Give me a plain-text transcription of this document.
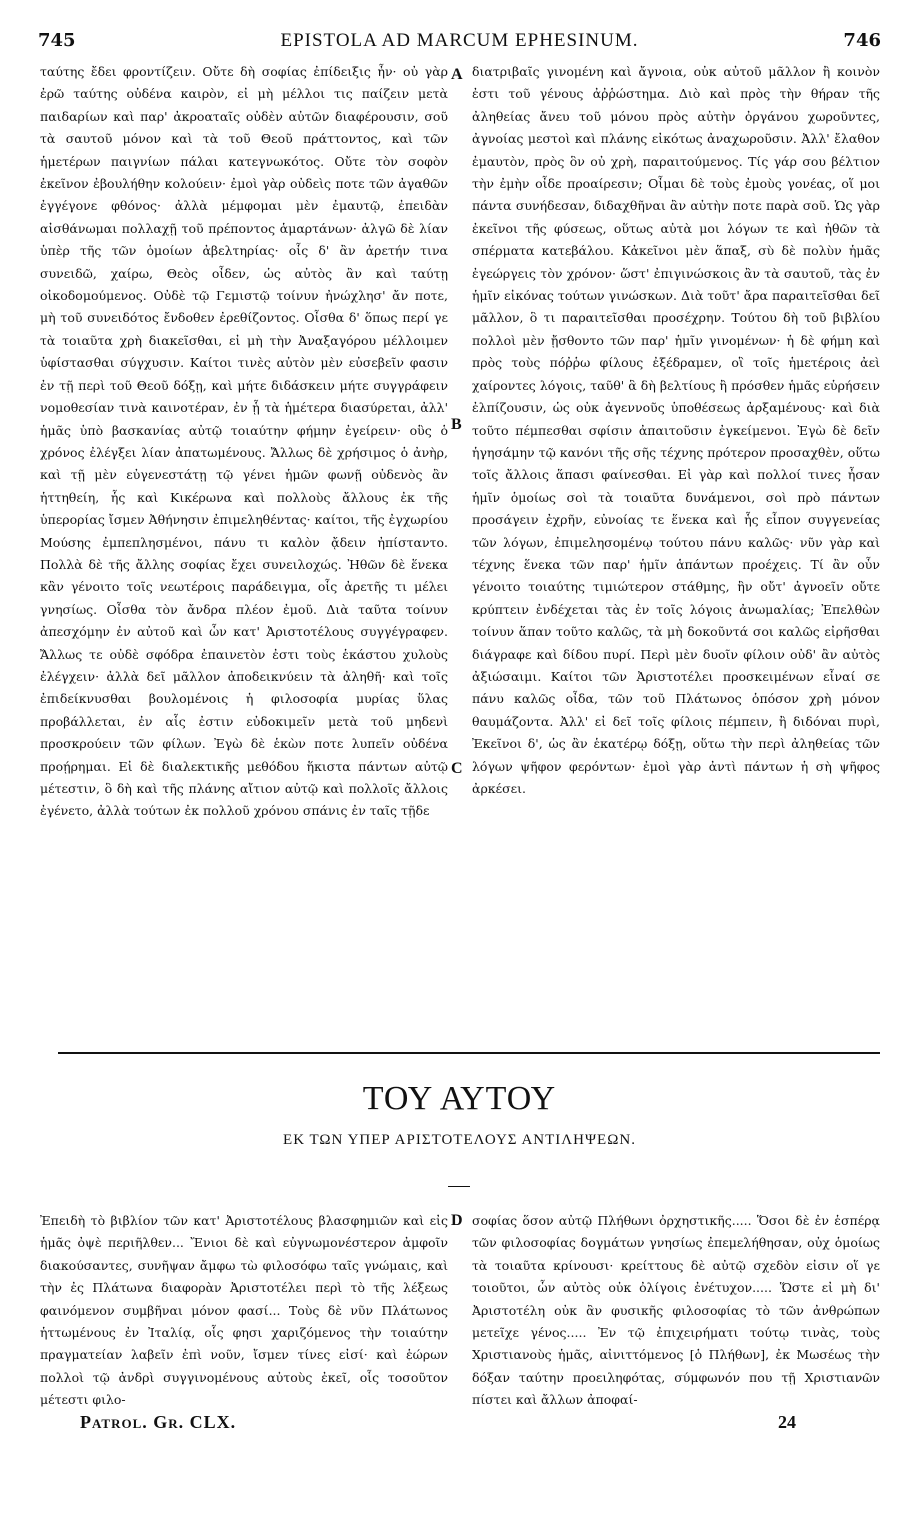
745	EPISTOLA AD MARCUM EPHESINUM.	746

ταύτης ἔδει φροντίζειν. Οὔτε δὴ σοφίας ἐπίδειξις ἦν· οὐ γὰρ ἐρῶ ταύτης οὐδένα καιρὸν, εἰ μὴ μέλλοι τις παίζειν μετὰ παιδαρίων καὶ παρ' ἀκροαταῖς οὐδὲν αὐτῶν διαφέρουσιν, σοῦ τὰ σαυτοῦ μόνον καὶ τὰ τοῦ Θεοῦ πράττοντος, καὶ τῶν ἡμετέρων παιγνίων πάλαι κατεγνωκότος. Οὔτε τὸν σοφὸν ἐκεῖνον ἐβουλήθην κολούειν· ἐμοὶ γὰρ οὐδεὶς ποτε τῶν ἀγαθῶν ἐγγέγονε φθόνος· ἀλλὰ μέμφομαι μὲν ἐμαυτῷ, ἐπειδὰν αἰσθάνωμαι πολλαχῇ τοῦ πρέποντος ἁμαρτάνων· ἀλγῶ δὲ λίαν ὑπὲρ τῆς τῶν ὁμοίων ἀβελτηρίας· οἷς δ' ἂν ἀρετήν τινα συνειδῶ, χαίρω, Θεὸς οἶδεν, ὡς αὐτὸς ἂν καὶ ταύτῃ οἰκοδομούμενος. Οὐδὲ τῷ Γεμιστῷ τοίνυν ἠνώχλησ' ἄν ποτε, μὴ τοῦ συνειδότος ἔνδοθεν ἐρεθίζοντος. Οἶσθα δ' ὅπως περί γε τὰ τοιαῦτα χρὴ διακεῖσθαι, εἰ μὴ τὴν Ἀναξαγόρου μέλλοιμεν ὑφίστασθαι σύγχυσιν. Καίτοι τινὲς αὐτὸν μὲν εὐσεβεῖν φασιν ἐν τῇ περὶ τοῦ Θεοῦ δόξῃ, καὶ μήτε διδάσκειν μήτε συγγράφειν νομοθεσίαν τινὰ καινοτέραν, ἐν ᾗ τὰ ἡμέτερα διασύρεται, ἀλλ' ἡμᾶς ὑπὸ βασκανίας αὐτῷ τοιαύτην φήμην ἐγείρειν· οὓς ὁ χρόνος ἐλέγξει λίαν ἀπατωμένους. Ἄλλως δὲ χρήσιμος ὁ ἀνὴρ, καὶ τῇ μὲν εὐγενεστάτῃ τῷ γένει ἡμῶν φωνῇ οὐδενὸς ἂν ἡττηθείη, ἧς καὶ Κικέρωνα καὶ πολλοὺς ἄλλους ἐκ τῆς ὑπερορίας ἴσμεν Ἀθήνησιν ἐπιμεληθέντας· καίτοι, τῆς ἐγχωρίου Μούσης ἐμπεπλησμένοι, πάνυ τι καλὸν ᾄδειν ἠπίσταντο. Πολλὰ δὲ τῆς ἄλλης σοφίας ἔχει συνειλοχώς. Ἠθῶν δὲ ἕνεκα κἂν γένοιτο τοῖς νεωτέροις παράδειγμα, οἷς ἀρετῆς τι μέλει γνησίως. Οἶσθα τὸν ἄνδρα πλέον ἐμοῦ. Διὰ ταῦτα τοίνυν ἀπεσχόμην ἐν αὐτοῦ καὶ ὧν κατ' Ἀριστοτέλους συγγέγραφεν. Ἄλλως τε οὐδὲ σφόδρα ἐπαινετὸν ἐστι τοὺς ἑκάστου χυλοὺς ἐλέγχειν· ἀλλὰ δεῖ μᾶλλον ἀποδεικνύειν τὰ ἀληθῆ· καὶ τοῖς ἐπιδείκνυσθαι βουλομένοις ἡ φιλοσοφία μυρίας ὕλας προβάλλεται, ἐν αἷς ἐστιν εὐδοκιμεῖν μετὰ τοῦ μηδενὶ προσκρούειν τῶν φίλων. Ἐγὼ δὲ ἑκὼν ποτε λυπεῖν οὐδένα προῄρημαι. Εἰ δὲ διαλεκτικῆς μεθόδου ἥκιστα πάντων αὐτῷ μέτεστιν, ὃ δὴ καὶ τῆς πλάνης αἴτιον αὐτῷ καὶ πολλοῖς ἄλλοις ἐγένετο, ἀλλὰ τούτων ἐκ πολλοῦ χρόνου σπάνις ἐν ταῖς τῇδε

διατριβαῖς γινομένη καὶ ἄγνοια, οὐκ αὐτοῦ μᾶλλον ἢ κοινὸν ἐστι τοῦ γένους ἀῤῥώστημα. Διὸ καὶ πρὸς τὴν θήραν τῆς ἀληθείας ἄνευ τοῦ μόνου πρὸς αὐτὴν ὀργάνου χωροῦντες, ἀγνοίας μεστοὶ καὶ πλάνης εἰκότως ἀναχωροῦσιν. Ἀλλ' ἔλαθον ἐμαυτὸν, πρὸς ὃν οὐ χρὴ, παραιτούμενος. Τίς γάρ σου βέλτιον τὴν ἐμὴν οἶδε προαίρεσιν; Οἶμαι δὲ τοὺς ἐμοὺς γονέας, οἵ μοι πάντα συνήδεσαν, διδαχθῆναι ἂν αὐτὴν ποτε παρὰ σοῦ. Ὡς γὰρ ἐκεῖνοι τῆς φύσεως, οὕτως αὐτὰ μοι λόγων τε καὶ ἠθῶν τὰ σπέρματα κατεβάλου. Κἀκεῖνοι μὲν ἅπαξ, σὺ δὲ πολὺν ἡμᾶς ἐγεώργεις τὸν χρόνον· ὥστ' ἐπιγινώσκοις ἂν τὰ σαυτοῦ, τὰς ἐν ἡμῖν εἰκόνας τούτων γινώσκων. Διὰ τοῦτ' ἄρα παραιτεῖσθαι δεῖ μᾶλλον, ὃ τι παραιτεῖσθαι προσέχρην. Τούτου δὴ τοῦ βιβλίου πολλοὶ μὲν ᾔσθοντο τῶν παρ' ἡμῖν γινομένων· ἡ δὲ φήμη καὶ πρὸς τοὺς πόῤῥω φίλους ἐξέδραμεν, οἳ τοῖς ἡμετέροις ἀεὶ χαίροντες λόγοις, ταῦθ' ἃ δὴ βελτίους ἢ πρόσθεν ἡμᾶς εὑρήσειν ἐλπίζουσιν, ὡς οὐκ ἀγεννοῦς ὑποθέσεως ἀρξαμένους· καὶ διὰ τοῦτο πέμπεσθαι σφίσιν ἀπαιτοῦσιν ἐγκείμενοι. Ἐγὼ δὲ δεῖν ἡγησάμην τῷ κανόνι τῆς σῆς τέχνης πρότερον προσαχθὲν, οὕτω τοῖς ἄλλοις ἅπασι φαίνεσθαι. Εἰ γὰρ καὶ πολλοί τινες ἦσαν ἡμῖν ὁμοίως σοὶ τὰ τοιαῦτα δυνάμενοι, σοὶ πρὸ πάντων προσάγειν ἐχρῆν, εὐνοίας τε ἕνεκα καὶ ἧς εἶπον συγγενείας τῶν λόγων, ἐπιμελησομένῳ τούτου πάνυ καλῶς· νῦν γὰρ καὶ τέχνης ἕνεκα τῶν παρ' ἡμῖν ἁπάντων προέχεις. Τί ἂν οὖν γένοιτο τοιαύτης τιμιώτερον στάθμης, ἣν οὔτ' ἀγνοεῖν οὔτε κρύπτειν ἐνδέχεται τὰς ἐν τοῖς λόγοις ἀνωμαλίας; Ἐπελθὼν τοίνυν ἅπαν τοῦτο καλῶς, τὰ μὴ δοκοῦντά σοι καλῶς εἰρῆσθαι διάγραφε καὶ δίδου πυρί. Περὶ μὲν δυοῖν φίλοιν οὐδ' ἂν αὐτὸς ἀξιώσαιμι. Καίτοι τῶν Ἀριστοτέλει προσκειμένων εἶναί σε πάνυ καλῶς οἶδα, τῶν τοῦ Πλάτωνος ὁπόσον χρὴ μόνον θαυμάζοντα. Ἀλλ' εἰ δεῖ τοῖς φίλοις πέμπειν, ἢ διδόναι πυρὶ, Ἐκεῖνοι δ', ὡς ἂν ἑκατέρῳ δόξῃ, οὕτω τὴν περὶ ἀληθείας τῶν λόγων ψῆφον φερόντων· ἐμοὶ γὰρ ἀντὶ πάντων ἡ σὴ ψῆφος ἀρκέσει.

A
B
C
ΤΟΥ ΑΥΤΟΥ
ΕΚ ΤΩΝ ΥΠΕΡ ΑΡΙΣΤΟΤΕΛΟΥΣ ΑΝΤΙΛΗΨΕΩΝ.

Ἐπειδὴ τὸ βιβλίον τῶν κατ' Ἀριστοτέλους βλασφημιῶν καὶ εἰς ἡμᾶς ὀψὲ περιῆλθεν... Ἔνιοι δὲ καὶ εὐγνωμονέστερον ἀμφοῖν διακούσαντες, συνῆψαν ἄμφω τὼ φιλοσόφω ταῖς γνώμαις, καὶ τὴν ἐς Πλάτωνα διαφορὰν Ἀριστοτέλει περὶ τὸ τῆς λέξεως φαινόμενον συμβῆναι μόνον φασί... Τοὺς δὲ νῦν Πλάτωνος ἡττωμένους ἐν Ἰταλίᾳ, οἷς φησι χαριζόμενος τὴν τοιαύτην πραγματείαν λαβεῖν ἐπὶ νοῦν, ἴσμεν τίνες εἰσί· καὶ ἑώρων πολλοὶ τῷ ἀνδρὶ συγγινομένους αὐτοὺς ἐκεῖ, οἷς τοσοῦτον μέτεστι φιλο-

σοφίας ὅσον αὐτῷ Πλήθωνι ὀρχηστικῆς..... Ὅσοι δὲ ἐν ἑσπέρᾳ τῶν φιλοσοφίας δογμάτων γνησίως ἐπεμελήθησαν, οὐχ ὁμοίως τὰ τοιαῦτα κρίνουσι· κρείττους δὲ αὐτῷ σχεδὸν εἰσιν οἵ γε τοιοῦτοι, ὧν αὐτὸς οὐκ ὀλίγοις ἐνέτυχον..... Ὥστε εἰ μὴ δι' Ἀριστοτέλη οὐκ ἂν φυσικῆς φιλοσοφίας τὸ τῶν ἀνθρώπων μετεῖχε γένος..... Ἐν τῷ ἐπιχειρήματι τούτῳ τινὰς, τοὺς Χριστιανοὺς ἡμᾶς, αἰνιττόμενος [ὁ Πλήθων], ἐκ Μωσέως τὴν δόξαν ταύτην προειληφότας, σύμφωνόν που τῇ Χριστιανῶν πίστει καὶ ἄλλων ἀποφαί-

D
Patrol. Gr. CLX.	24
